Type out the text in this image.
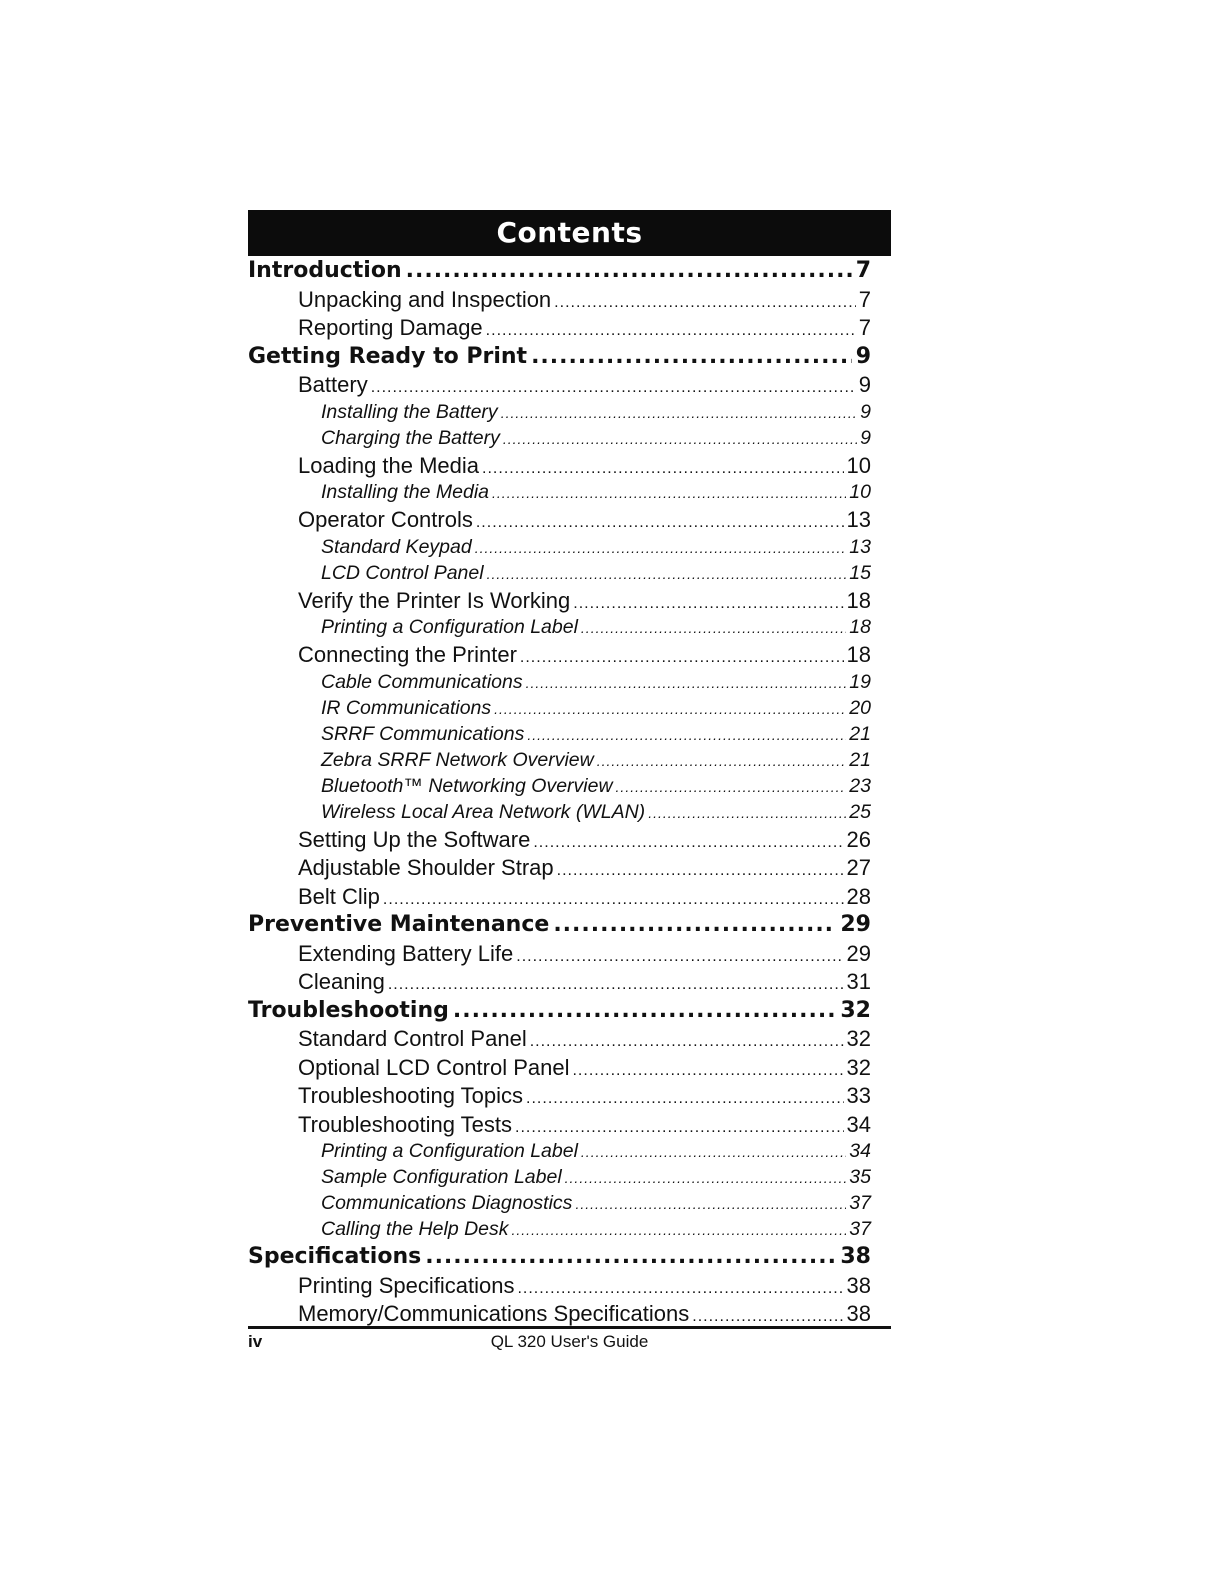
Contents
Introduction .....	7
Unpacking and Inspection .....	7
Reporting Damage .....	7
Getting Ready to Print .....	9
Battery .....	9
Installing the Battery .....	9
Charging the Battery .....	9
Loading the Media .....	10
Installing the Media .....	10
Operator Controls .....	13
Standard Keypad .....	13
LCD Control Panel .....	15
Verify the Printer Is Working .....	18
Printing a Configuration Label .....	18
Connecting the Printer .....	18
Cable Communications .....	19
IR Communications .....	20
SRRF Communications .....	21
Zebra SRRF Network Overview .....	21
Bluetooth™ Networking Overview .....	23
Wireless Local Area Network (WLAN) .....	25
Setting Up the Software .....	26
Adjustable Shoulder Strap .....	27
Belt Clip .....	28
Preventive Maintenance .....	29
Extending Battery Life .....	29
Cleaning .....	31
Troubleshooting .....	32
Standard Control Panel .....	32
Optional LCD Control Panel .....	32
Troubleshooting Topics .....	33
Troubleshooting Tests .....	34
Printing a Configuration Label .....	34
Sample Configuration Label .....	35
Communications Diagnostics .....	37
Calling the Help Desk .....	37
Specifications .....	38
Printing Specifications .....	38
Memory/Communications Specifications .....	38
iv	QL 320 User's Guide
